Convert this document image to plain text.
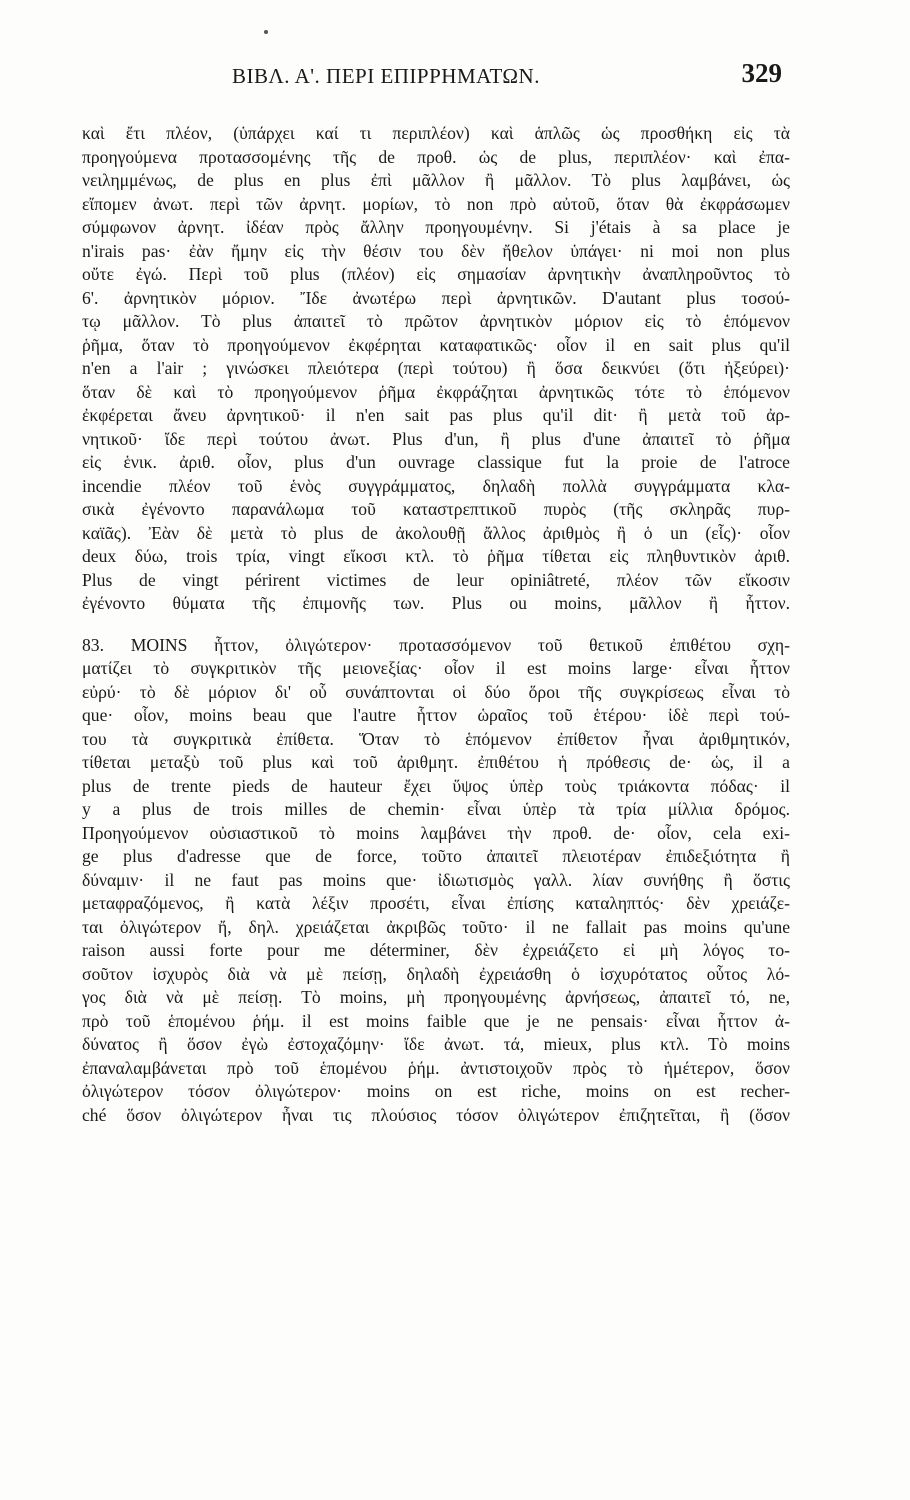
ΒΙΒΛ. Α'. ΠΕΡΙ ΕΠΙΡΡΗΜΑΤΩΝ.	329
καὶ ἔτι πλέον, (ὑπάρχει καί τι περιπλέον) καὶ ἁπλῶς ὡς προσθήκη εἰς τὰ
προηγούμενα προτασσομένης τῆς de προθ. ὡς de plus, περιπλέον· καὶ ἐπα-
νειλημμένως, de plus en plus ἐπὶ μᾶλλον ἢ μᾶλλον. Τὸ plus λαμβάνει, ὡς
εἴπομεν ἀνωτ. περὶ τῶν ἀρνητ. μορίων, τὸ non πρὸ αὐτοῦ, ὅταν θὰ ἐκφράσωμεν
σύμφωνον ἀρνητ. ἰδέαν πρὸς ἄλλην προηγουμένην. Si j'étais à sa place je
n'irais pas· ἐὰν ἤμην εἰς τὴν θέσιν του δὲν ἤθελον ὑπάγει· ni moi non plus
οὔτε ἐγώ. Περὶ τοῦ plus (πλέον) εἰς σημασίαν ἀρνητικὴν ἀναπληροῦντος τὸ
6'. ἀρνητικὸν μόριον. Ἴδε ἀνωτέρω περὶ ἀρνητικῶν. D'autant plus τοσού-
τῳ μᾶλλον. Τὸ plus ἀπαιτεῖ τὸ πρῶτον ἀρνητικὸν μόριον εἰς τὸ ἑπόμενον
ῥῆμα, ὅταν τὸ προηγούμενον ἐκφέρηται καταφατικῶς· οἷον il en sait plus qu'il
n'en a l'air ; γινώσκει πλειότερα (περὶ τούτου) ἢ ὅσα δεικνύει (ὅτι ἠξεύρει)·
ὅταν δὲ καὶ τὸ προηγούμενον ῥῆμα ἐκφράζηται ἀρνητικῶς τότε τὸ ἑπόμενον
ἐκφέρεται ἄνευ ἀρνητικοῦ· il n'en sait pas plus qu'il dit· ἢ μετὰ τοῦ ἀρ-
νητικοῦ· ἴδε περὶ τούτου ἀνωτ. Plus d'un, ἢ plus d'une ἀπαιτεῖ τὸ ῥῆμα
εἰς ἑνικ. ἀριθ. οἷον, plus d'un ouvrage classique fut la proie de l'atroce
incendie πλέον τοῦ ἑνὸς συγγράμματος, δηλαδὴ πολλὰ συγγράμματα κλα-
σικὰ ἐγένοντο παρανάλωμα τοῦ καταστρεπτικοῦ πυρὸς (τῆς σκληρᾶς πυρ-
καϊᾶς). Ἐὰν δὲ μετὰ τὸ plus de ἀκολουθῇ ἄλλος ἀριθμὸς ἢ ὁ un (εἷς)· οἷον
deux δύω, trois τρία, vingt εἴκοσι κτλ. τὸ ῥῆμα τίθεται εἰς πληθυντικὸν ἀριθ.
Plus de vingt périrent victimes de leur opiniâtreté, πλέον τῶν εἴκοσιν
ἐγένοντο θύματα τῆς ἐπιμονῆς των. Plus ou moins, μᾶλλον ἢ ἧττον.
83. MOINS ἧττον, ὀλιγώτερον· προτασσόμενον τοῦ θετικοῦ ἐπιθέτου σχη-
ματίζει τὸ συγκριτικὸν τῆς μειονεξίας· οἷον il est moins large· εἶναι ἧττον
εὐρύ· τὸ δὲ μόριον δι' οὗ συνάπτονται οἱ δύο ὅροι τῆς συγκρίσεως εἶναι τὸ
que· οἷον, moins beau que l'autre ἧττον ὡραῖος τοῦ ἑτέρου· ἰδὲ περὶ τού-
του τὰ συγκριτικὰ ἐπίθετα. Ὅταν τὸ ἑπόμενον ἐπίθετον ἦναι ἀριθμητικόν,
τίθεται μεταξὺ τοῦ plus καὶ τοῦ ἀριθμητ. ἐπιθέτου ἡ πρόθεσις de· ὡς, il a
plus de trente pieds de hauteur ἔχει ὕψος ὑπὲρ τοὺς τριάκοντα πόδας· il
y a plus de trois milles de chemin· εἶναι ὑπὲρ τὰ τρία μίλλια δρόμος.
Προηγούμενον οὐσιαστικοῦ τὸ moins λαμβάνει τὴν προθ. de· οἷον, cela exi-
ge plus d'adresse que de force, τοῦτο ἀπαιτεῖ πλειοτέραν ἐπιδεξιότητα ἢ
δύναμιν· il ne faut pas moins que· ἰδιωτισμὸς γαλλ. λίαν συνήθης ἢ ὅστις
μεταφραζόμενος, ἢ κατὰ λέξιν προσέτι, εἶναι ἐπίσης καταληπτός· δὲν χρειάζε-
ται ὀλιγώτερον ἤ, δηλ. χρειάζεται ἀκριβῶς τοῦτο· il ne fallait pas moins qu'une
raison aussi forte pour me déterminer, δὲν ἐχρειάζετο εἰ μὴ λόγος το-
σοῦτον ἰσχυρὸς διὰ νὰ μὲ πείσῃ, δηλαδὴ ἐχρειάσθη ὁ ἰσχυρότατος οὗτος λό-
γος διὰ νὰ μὲ πείσῃ. Τὸ moins, μὴ προηγουμένης ἀρνήσεως, ἀπαιτεῖ τό, ne,
πρὸ τοῦ ἑπομένου ῥήμ. il est moins faible que je ne pensais· εἶναι ἧττον ἀ-
δύνατος ἢ ὅσον ἐγὼ ἐστοχαζόμην· ἴδε ἀνωτ. τά, mieux, plus κτλ. Τὸ moins
ἐπαναλαμβάνεται πρὸ τοῦ ἑπομένου ῥήμ. ἀντιστοιχοῦν πρὸς τὸ ἡμέτερον, ὅσον
ὀλιγώτερον τόσον ὀλιγώτερον· moins on est riche, moins on est recher-
ché ὅσον ὀλιγώτερον ἦναι τις πλούσιος τόσον ὀλιγώτερον ἐπιζητεῖται, ἢ (ὅσον
